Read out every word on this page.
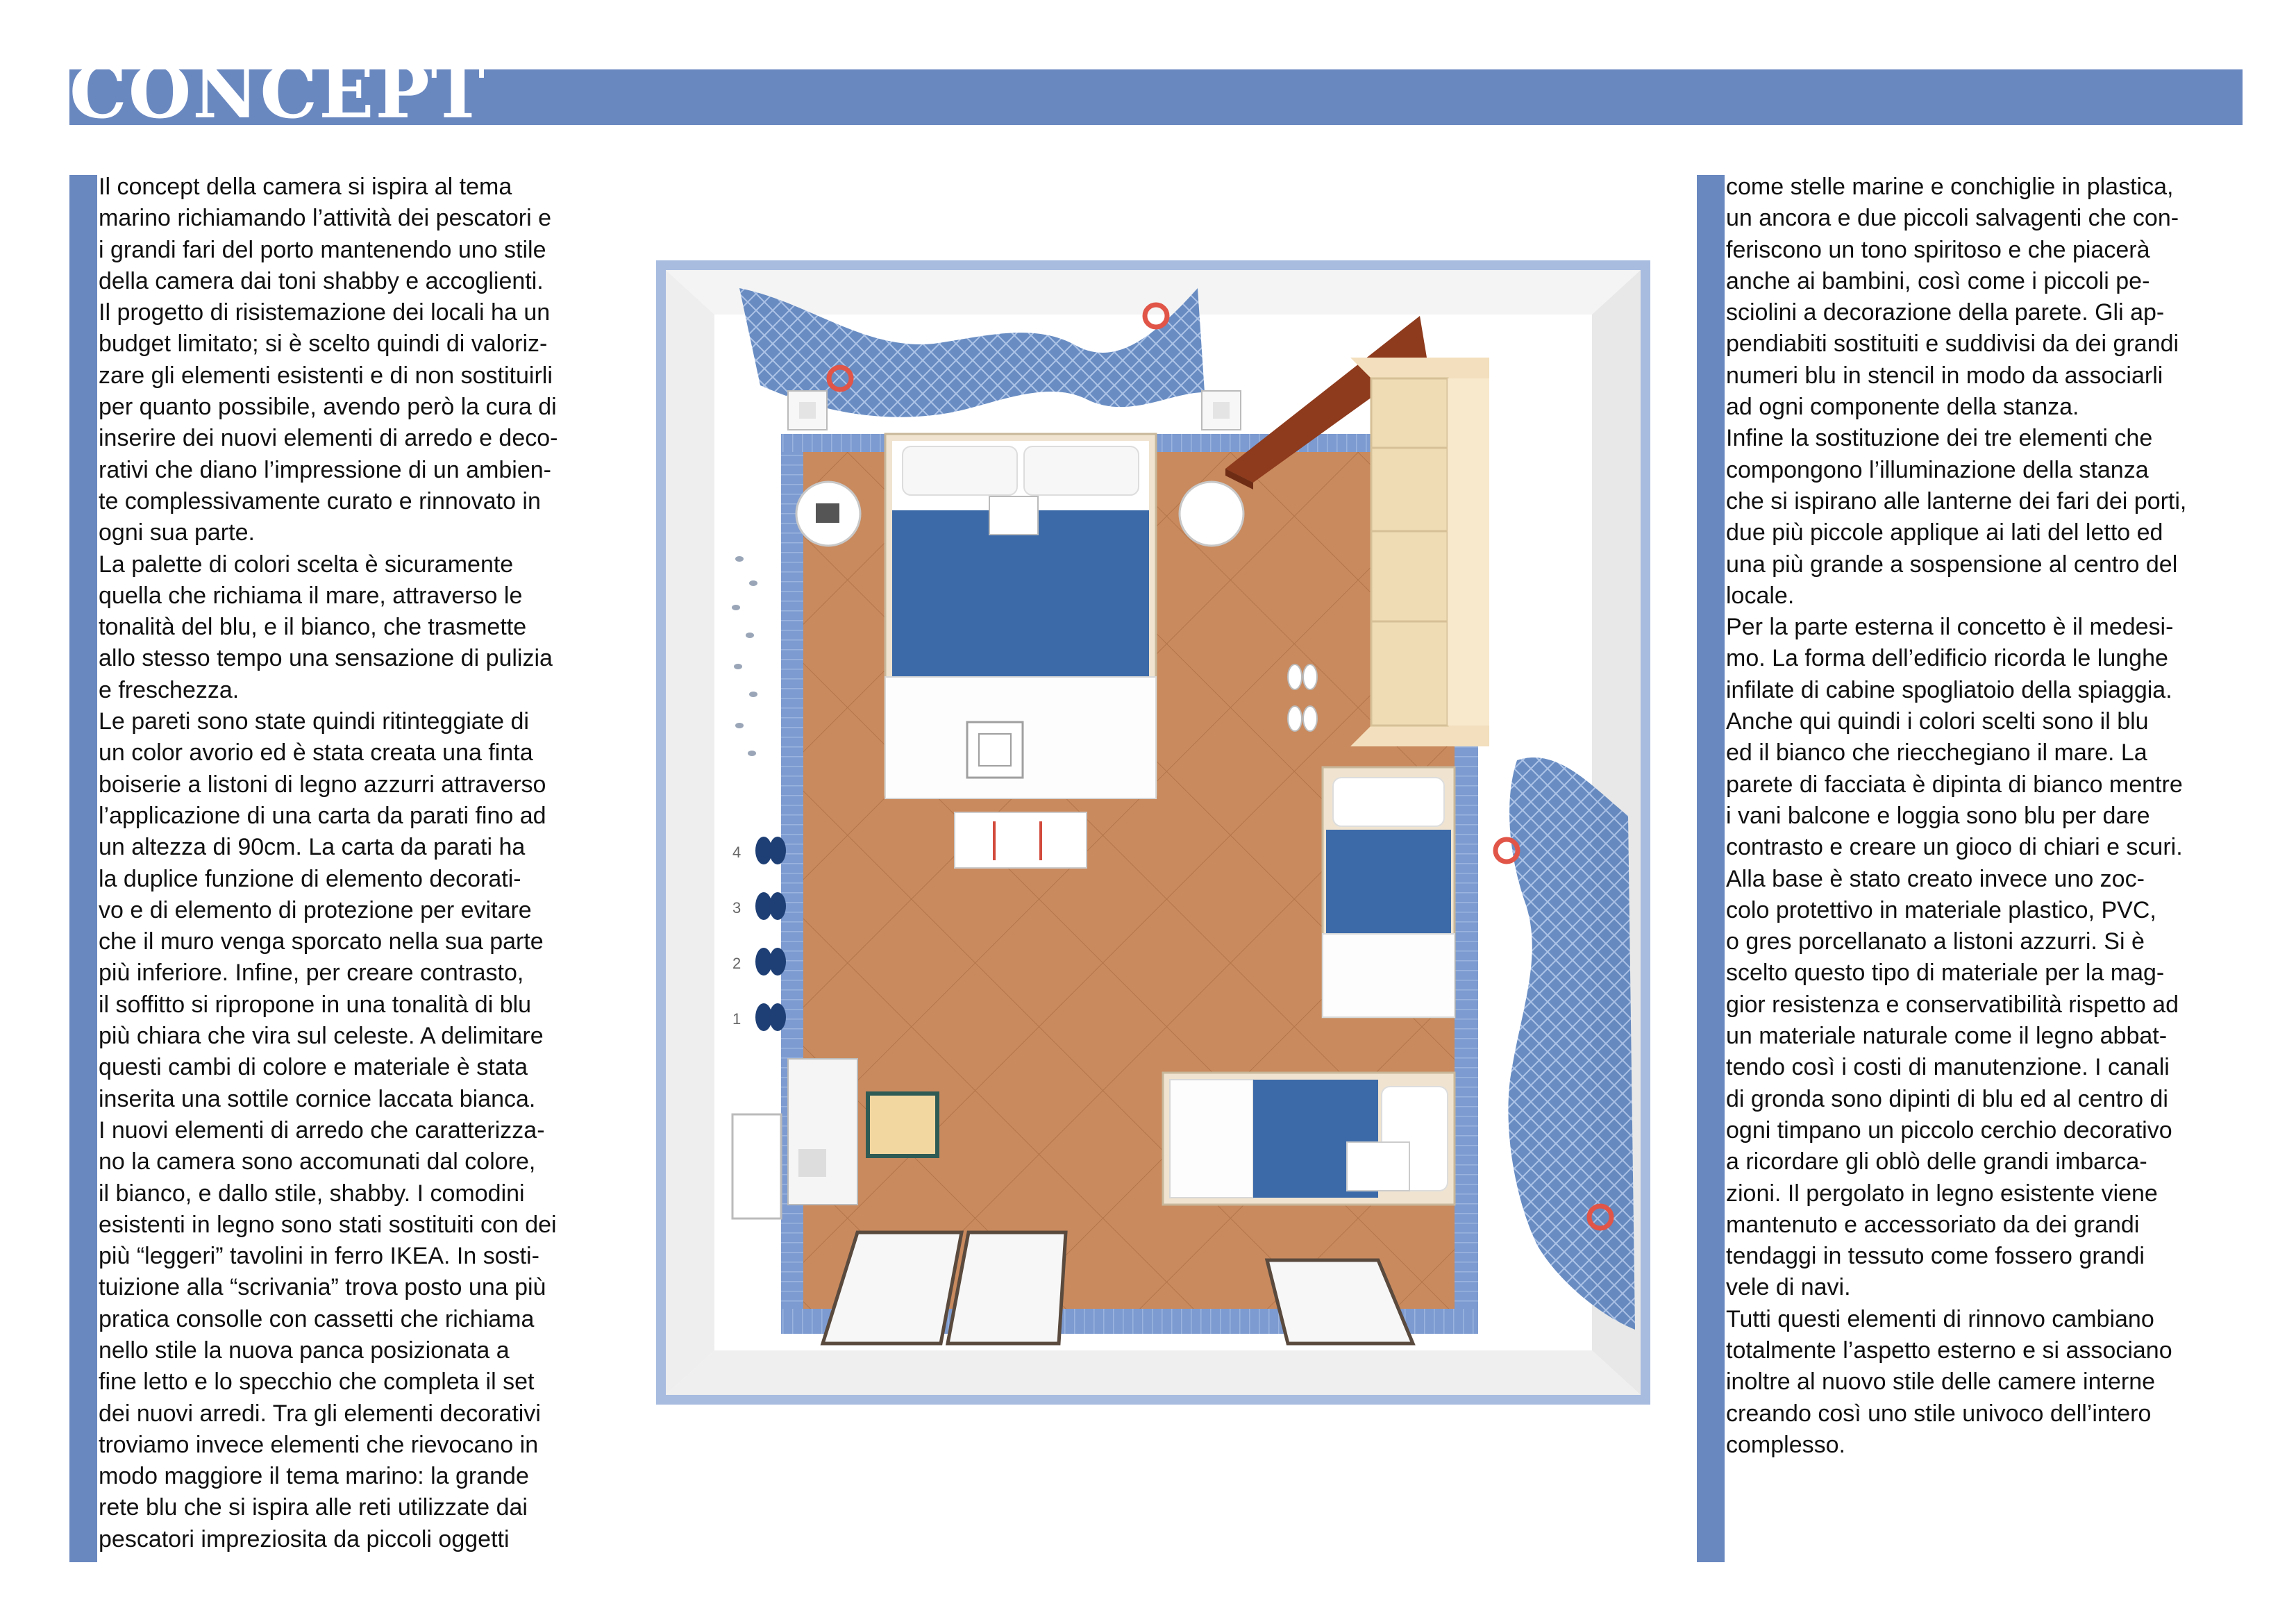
CONCEPT

Il concept della camera si ispira al tema

marino richiamando l’attività dei pescatori e

i grandi fari del porto mantenendo uno stile

della camera dai toni shabby e accoglienti.

Il progetto di risistemazione dei locali ha un

budget limitato; si è scelto quindi di valoriz-

zare gli elementi esistenti e di non sostituirli

per quanto possibile, avendo però la cura di

inserire dei nuovi elementi di arredo e deco-

rativi che diano l’impressione di un ambien-

te complessivamente curato e rinnovato in

ogni sua parte.

La palette di colori scelta è sicuramente

quella che richiama il mare, attraverso le

tonalità del blu, e il bianco, che trasmette

allo stesso tempo una sensazione di pulizia

e freschezza.

Le pareti sono state quindi ritinteggiate di

un color avorio ed è stata creata una finta

boiserie a listoni di legno azzurri attraverso

l’applicazione di una carta da parati fino ad

un altezza di 90cm. La carta da parati ha

la duplice funzione di elemento decorati-

vo e di elemento di protezione per evitare

che il muro venga sporcato nella sua parte

più inferiore. Infine, per creare contrasto,

il soffitto si ripropone in una tonalità di blu

più chiara che vira sul celeste. A delimitare

questi cambi di colore e materiale è stata

inserita una sottile cornice laccata bianca.

I nuovi elementi di arredo che caratterizza-

no la camera sono accomunati dal colore,

il bianco, e dallo stile, shabby. I comodini

esistenti in legno sono stati sostituiti con dei

più “leggeri” tavolini in ferro IKEA. In sosti-

tuizione alla “scrivania” trova posto una più

pratica consolle con cassetti che richiama

nello stile la nuova panca posizionata a

fine letto e lo specchio che completa il set

dei nuovi arredi. Tra gli elementi decorativi

troviamo invece elementi che rievocano in

modo maggiore il tema marino: la grande

rete blu che si ispira alle reti utilizzate dai

pescatori impreziosita da piccoli oggetti

come stelle marine e conchiglie in plastica,

un ancora e due piccoli salvagenti che con-

feriscono un tono spiritoso e che piacerà

anche ai bambini, così come i piccoli pe-

sciolini a decorazione della parete. Gli ap-

pendiabiti sostituiti e suddivisi da dei grandi

numeri blu in stencil in modo da associarli

ad ogni componente della stanza.

Infine la sostituzione dei tre elementi che

compongono l’illuminazione della stanza

che si ispirano alle lanterne dei fari dei porti,

due più piccole applique ai lati del letto ed

una più grande a sospensione al centro del

locale.

Per la parte esterna il concetto è il medesi-

mo. La forma dell’edificio ricorda le lunghe

infilate di cabine spogliatoio della spiaggia.

Anche qui quindi i colori scelti sono il blu

ed il bianco che riecchegiano il mare. La

parete di facciata è dipinta di bianco mentre

i vani balcone e loggia sono blu per dare

contrasto e creare un gioco di chiari e scuri.

Alla base è stato creato invece uno zoc-

colo protettivo in materiale plastico, PVC,

o gres porcellanato a listoni azzurri. Si è

scelto questo tipo di materiale per la mag-

gior resistenza e conservatibilità rispetto ad

un materiale naturale come il legno abbat-

tendo così i costi di manutenzione. I canali

di gronda sono dipinti di blu ed al centro di

ogni timpano un piccolo cerchio decorativo

a ricordare gli oblò delle grandi imbarca-

zioni. Il pergolato in legno esistente viene

mantenuto e accessoriato da dei grandi

tendaggi in tessuto come fossero grandi

vele di navi.

Tutti questi elementi di rinnovo cambiano

totalmente l’aspetto esterno e si associano

inoltre al nuovo stile delle camere interne

creando così uno stile univoco dell’intero

complesso.

4
3
2
1
